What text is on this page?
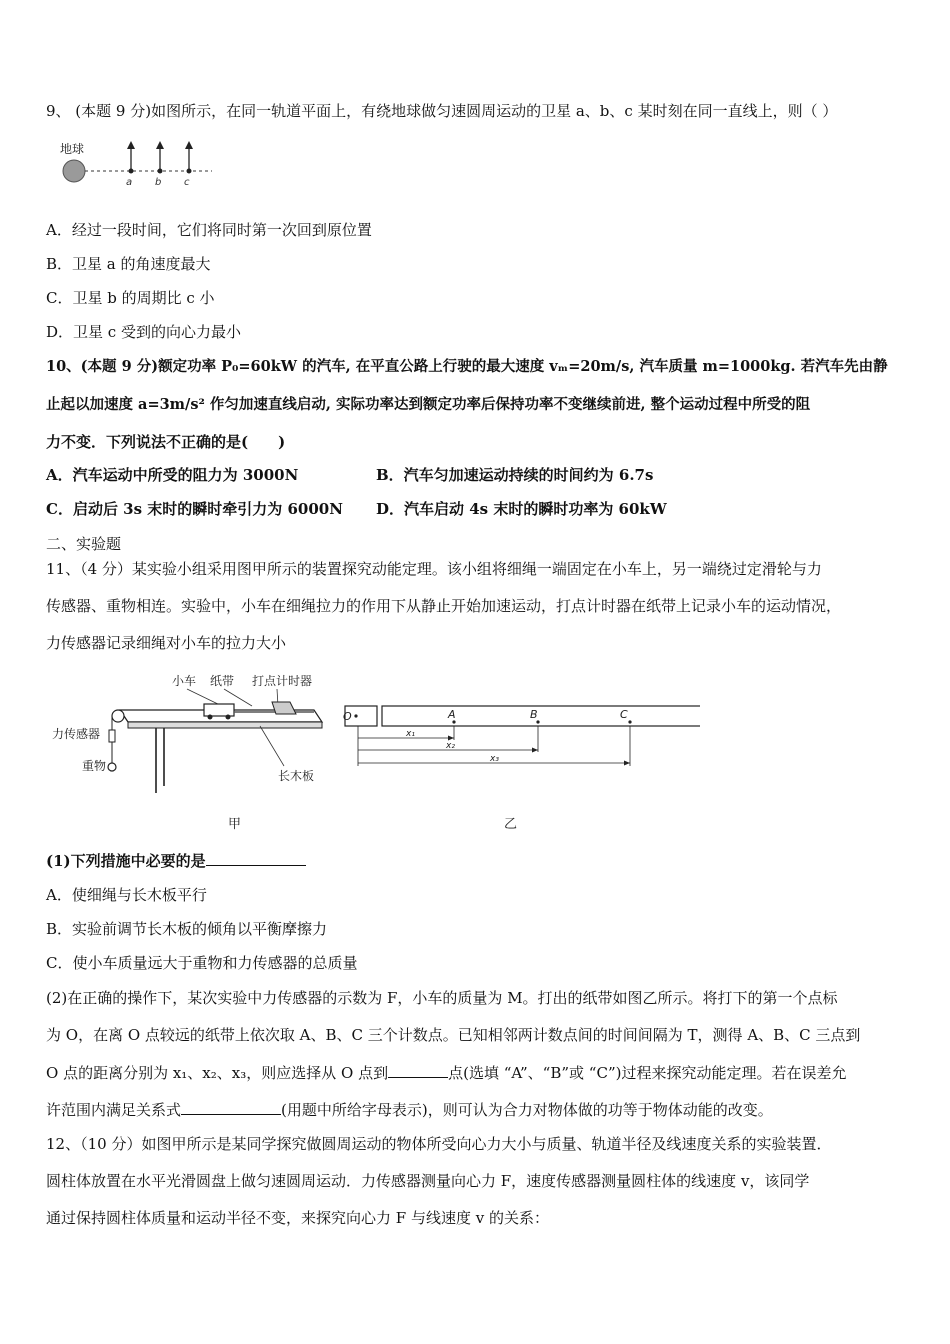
9、 (本题 9 分)如图所示，在同一轨道平面上，有绕地球做匀速圆周运动的卫星 a、b、c 某时刻在同一直线上，则（ ）
地球
a b c
A．经过一段时间，它们将同时第一次回到原位置
B．卫星 a 的角速度最大
C．卫星 b 的周期比 c 小
D．卫星 c 受到的向心力最小
10、(本题 9 分)额定功率 P₀=60kW 的汽车, 在平直公路上行驶的最大速度 vₘ=20m/s, 汽车质量 m=1000kg. 若汽车先由静
止起以加速度 a=3m/s² 作匀加速直线启动, 实际功率达到额定功率后保持功率不变继续前进, 整个运动过程中所受的阻
力不变．下列说法不正确的是(　　)
A．汽车运动中所受的阻力为 3000N	B．汽车匀加速运动持续的时间约为 6.7s
C．启动后 3s 末时的瞬时牵引力为 6000N D．汽车启动 4s 末时的瞬时功率为 60kW
二、实验题
11、（4 分）某实验小组采用图甲所示的装置探究动能定理。该小组将细绳一端固定在小车上，另一端绕过定滑轮与力
传感器、重物相连。实验中，小车在细绳拉力的作用下从静止开始加速运动，打点计时器在纸带上记录小车的运动情况，
力传感器记录细绳对小车的拉力大小
小车 纸带 打点计时器
力传感器
重物
长木板
甲
O	A	B	C
x₁
x₂
x₃
乙
(1)下列措施中必要的是
A．使细绳与长木板平行
B．实验前调节长木板的倾角以平衡摩擦力
C．使小车质量远大于重物和力传感器的总质量
(2)在正确的操作下，某次实验中力传感器的示数为 F，小车的质量为 M。打出的纸带如图乙所示。将打下的第一个点标
为 O，在离 O 点较远的纸带上依次取 A、B、C 三个计数点。已知相邻两计数点间的时间间隔为 T，测得 A、B、C 三点到
O 点的距离分别为 x₁、x₂、x₃，则应选择从 O 点到	点(选填 “A”、“B”或 “C”)过程来探究动能定理。若在误差允
许范围内满足关系式	(用题中所给字母表示)，则可认为合力对物体做的功等于物体动能的改变。
12、（10 分）如图甲所示是某同学探究做圆周运动的物体所受向心力大小与质量、轨道半径及线速度关系的实验装置．
圆柱体放置在水平光滑圆盘上做匀速圆周运动．力传感器测量向心力 F，速度传感器测量圆柱体的线速度 v，该同学
通过保持圆柱体质量和运动半径不变，来探究向心力 F 与线速度 v 的关系：
